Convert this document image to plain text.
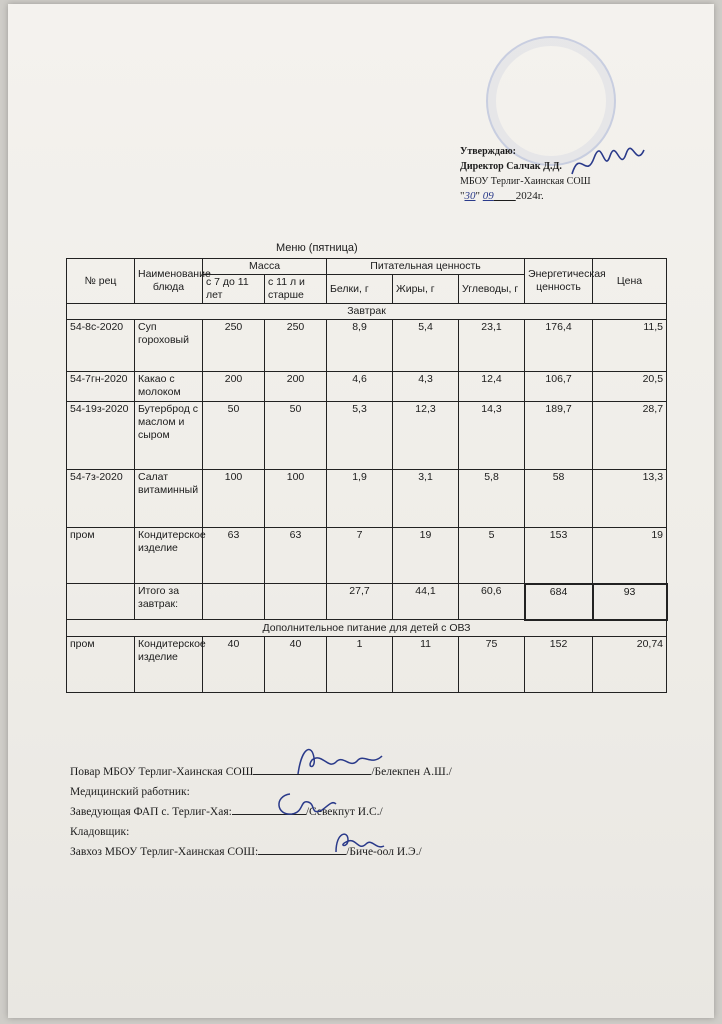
Утверждаю:
Директор Салчак Д.Д.
МБОУ Терлиг-Хаинская СОШ
"30" 09 2024г.
Меню (пятница)
№ рец	Наименование блюда	Масса		Питательная ценность			Энергетическая ценность	Цена
		с 7 до 11 лет	с 11 л и старше	Белки, г	Жиры, г	Углеводы, г		
Завтрак								
54-8с-2020	Суп гороховый	250	250	8,9	5,4	23,1	176,4	11,5
54-7гн-2020	Какао с молоком	200	200	4,6	4,3	12,4	106,7	20,5
54-19з-2020	Бутерброд с маслом и сыром	50	50	5,3	12,3	14,3	189,7	28,7
54-7з-2020	Салат витаминный	100	100	1,9	3,1	5,8	58	13,3
пром	Кондитерское изделие	63	63	7	19	5	153	19
	Итого за завтрак:			27,7	44,1	60,6	684	93
Дополнительное питание для детей с ОВЗ								
пром	Кондитерское изделие	40	40	1	11	75	152	20,74
Повар МБОУ Терлиг-Хаинская СОШ	/Белекпен А.Ш./
Медицинский работник:
Заведующая ФАП с. Терлиг-Хая:	/Севекпут И.С./
Кладовщик:
Завхоз МБОУ Терлиг-Хаинская СОШ:	/Биче-оол И.Э./
